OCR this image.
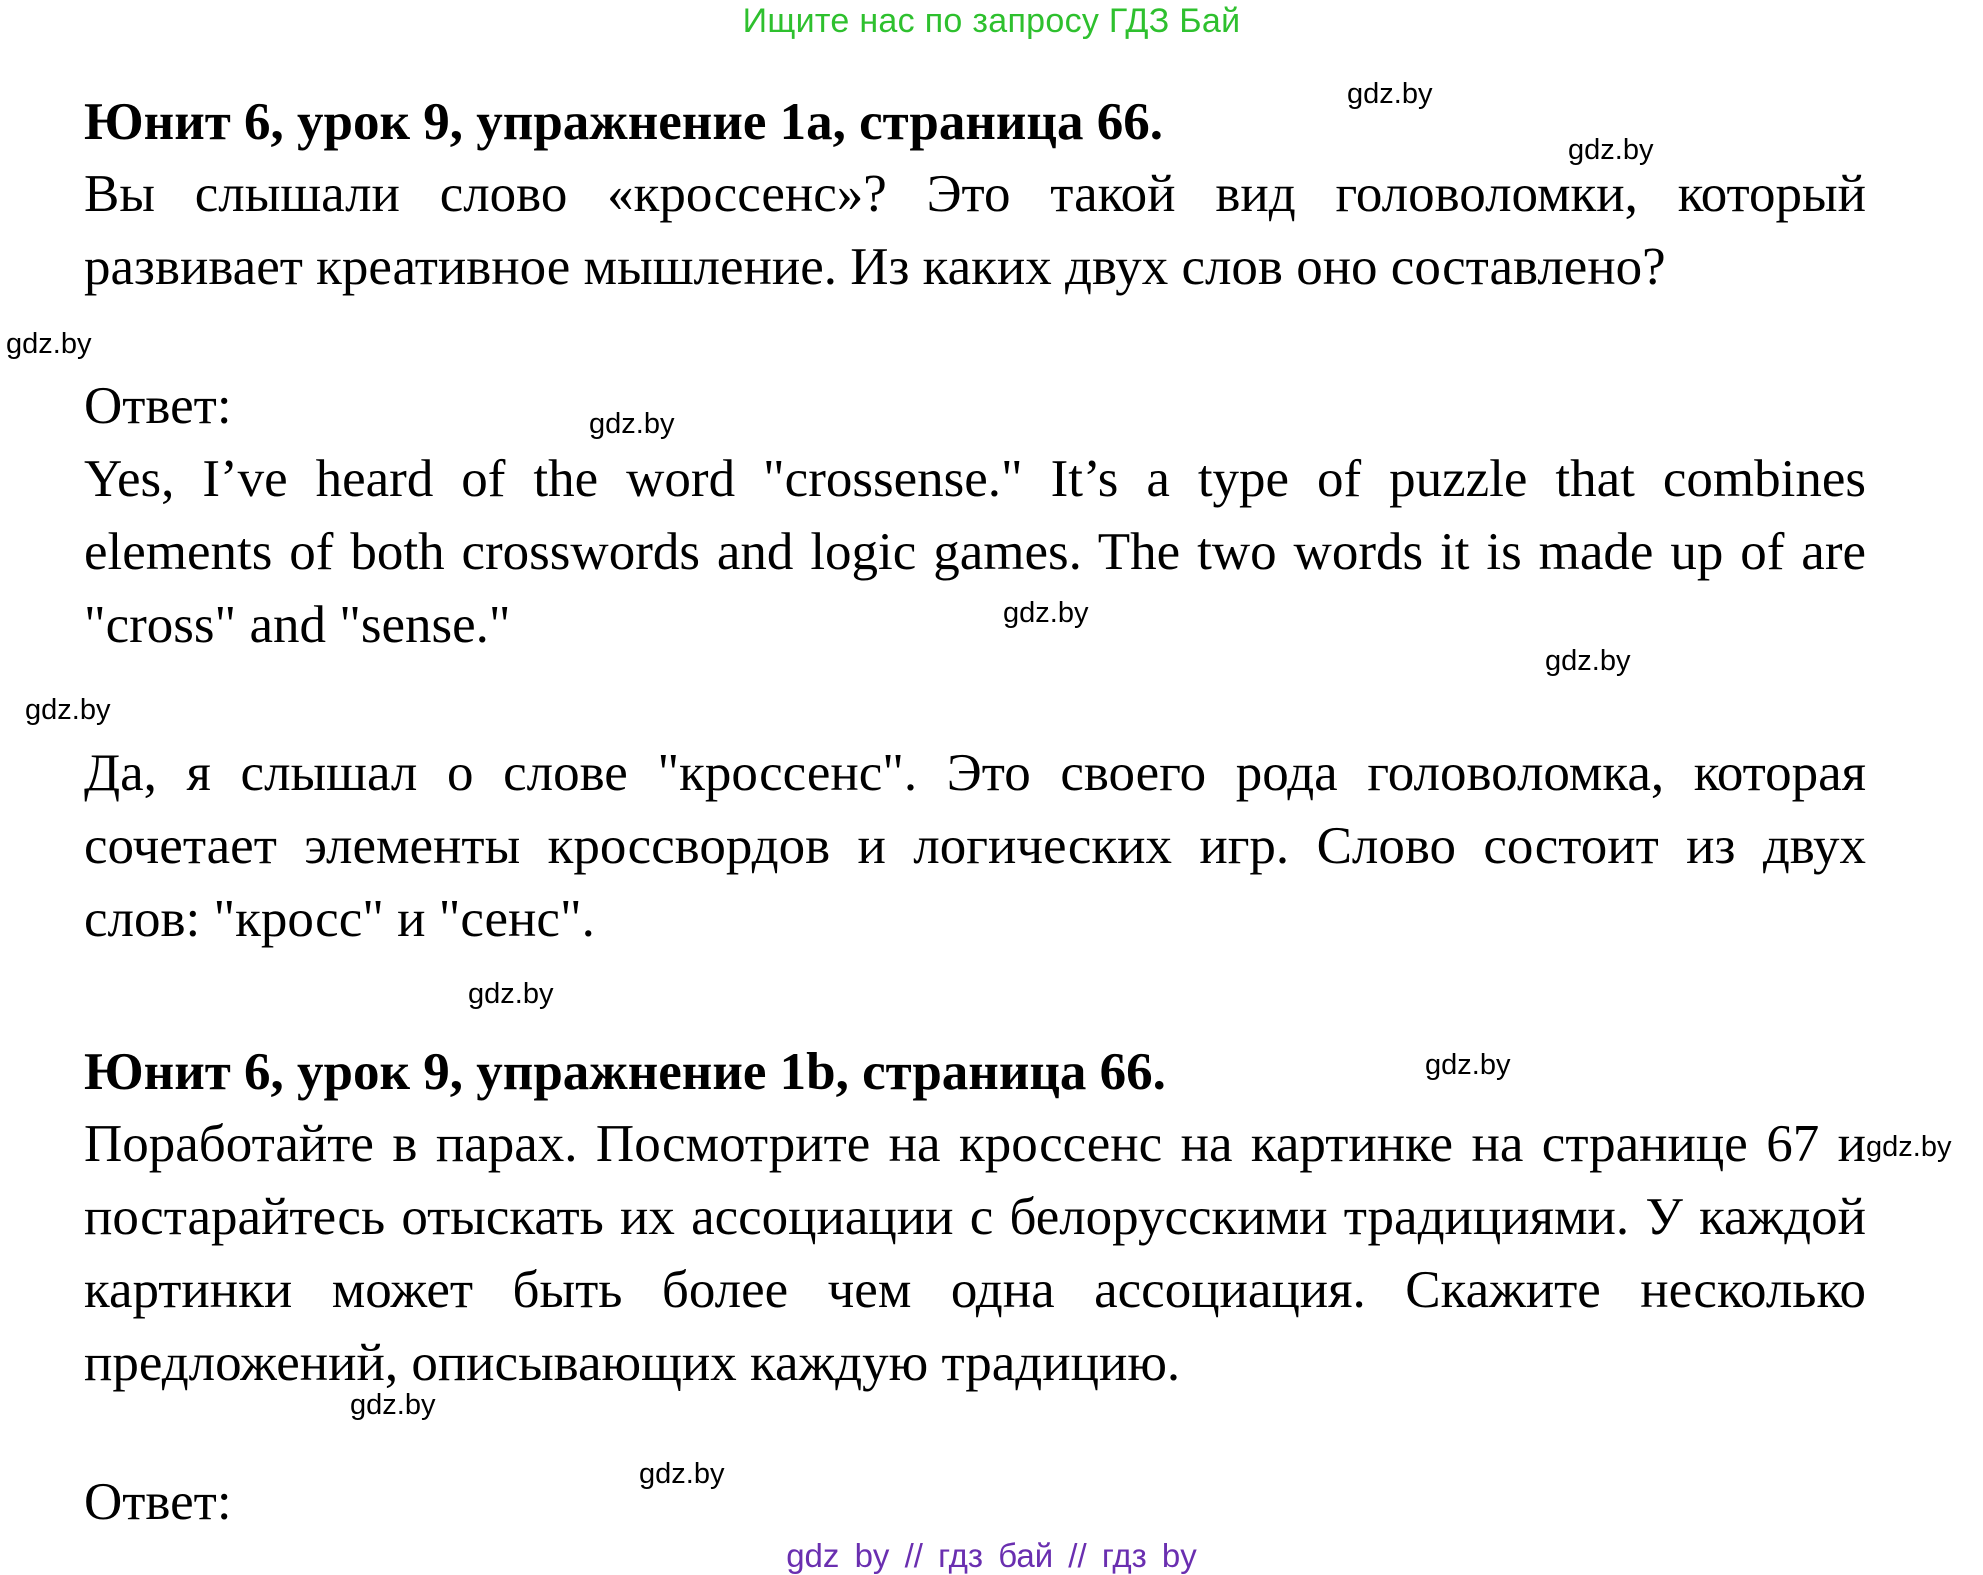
Ищите нас по запросу ГДЗ Бай

Юнит 6, урок 9, упражнение 1a, страница 66.

Вы слышали слово «кроссенс»? Это такой вид головоломки, который развивает креативное мышление. Из каких двух слов оно составлено?

Ответ:

Yes, I’ve heard of the word "crossense." It’s a type of puzzle that combines elements of both crosswords and logic games. The two words it is made up of are "cross" and "sense."

Да, я слышал о слове "кроссенс". Это своего рода головоломка, которая сочетает элементы кроссвордов и логических игр. Слово состоит из двух слов: "кросс" и "сенс".

Юнит 6, урок 9, упражнение 1b, страница 66.

Поработайте в парах. Посмотрите на кроссенс на картинке на странице 67 и постарайтесь отыскать их ассоциации с белорусскими традициями. У каждой картинки может быть более чем одна ассоциация. Скажите несколько предложений, описывающих каждую традицию.

Ответ:

gdz.by
gdz.by
gdz.by
gdz.by
gdz.by
gdz.by
gdz.by
gdz.by
gdz.by
gdz.by
gdz.by
gdz.by
gdz by // гдз бай // гдз by
